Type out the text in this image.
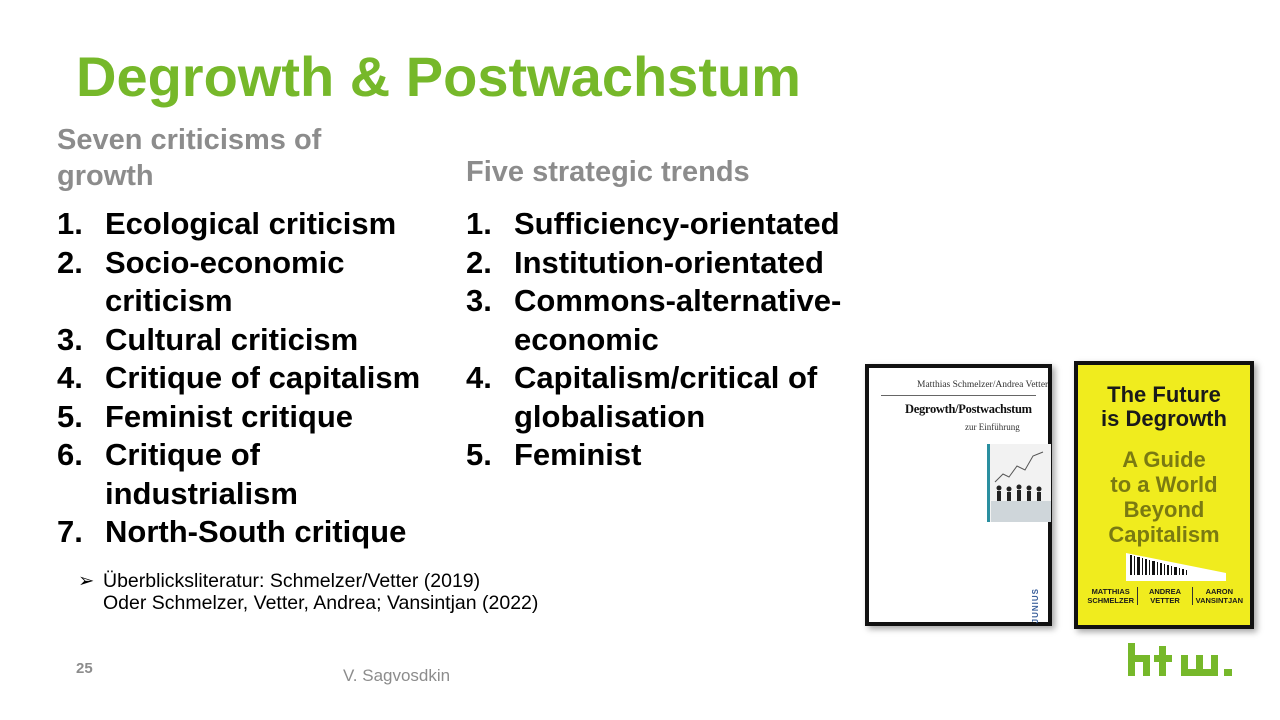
Degrowth & Postwachstum
Seven criticisms of growth	Five strategic trends
1. Ecological criticism
2. Socio-economic criticism
3. Cultural criticism
4. Critique of capitalism
5. Feminist critique
6. Critique of industrialism
7. North-South critique
1. Sufficiency-orientated
2. Institution-orientated
3. Commons-alternative-economic
4. Capitalism/critical of globalisation
5. Feminist
➢ Überblicksliteratur: Schmelzer/Vetter (2019)
Oder Schmelzer, Vetter, Andrea; Vansintjan (2022)
25	V. Sagvosdkin
Matthias Schmelzer/Andrea Vetter
Degrowth/Postwachstum
zur Einführung
JUNIUS
The Future
is Degrowth
A Guide
to a World
Beyond
Capitalism
MATTHIAS
SCHMELZER
ANDREA
VETTER
AARON
VANSINTJAN
